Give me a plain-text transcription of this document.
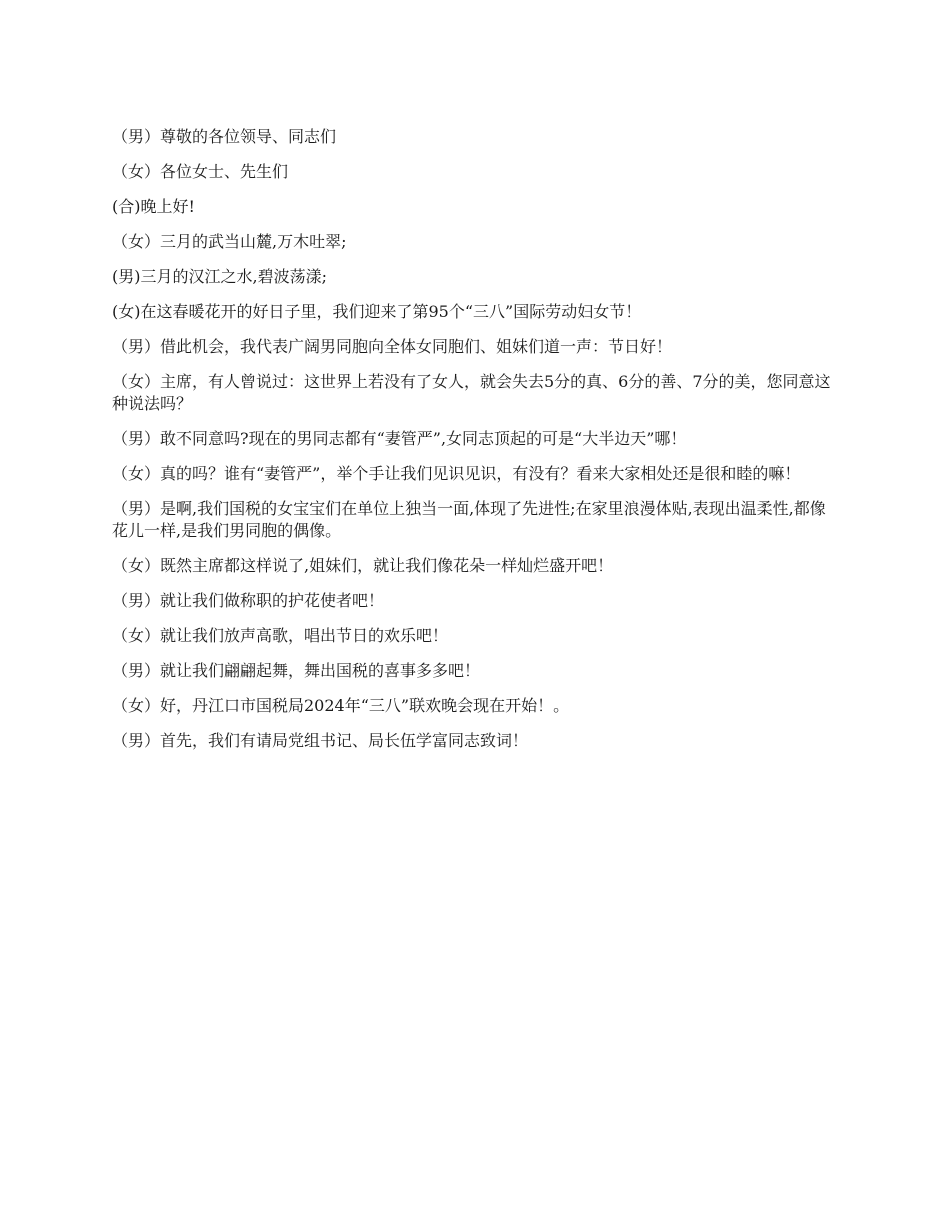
（男）尊敬的各位领导、同志们

（女）各位女士、先生们

(合)晚上好!

（女）三月的武当山麓,万木吐翠;

(男)三月的汉江之水,碧波荡漾;

(女)在这春暖花开的好日子里，我们迎来了第95个“三八”国际劳动妇女节！

（男）借此机会，我代表广阔男同胞向全体女同胞们、姐妹们道一声：节日好！

（女）主席，有人曾说过：这世界上若没有了女人，就会失去5分的真、6分的善、7分的美，您同意这种说法吗？

（男）敢不同意吗?现在的男同志都有“妻管严”,女同志顶起的可是“大半边天”哪！

（女）真的吗？谁有“妻管严”，举个手让我们见识见识，有没有？看来大家相处还是很和睦的嘛！

（男）是啊,我们国税的女宝宝们在单位上独当一面,体现了先进性;在家里浪漫体贴,表现出温柔性,都像花儿一样,是我们男同胞的偶像。

（女）既然主席都这样说了,姐妹们，就让我们像花朵一样灿烂盛开吧！

（男）就让我们做称职的护花使者吧！

（女）就让我们放声高歌，唱出节日的欢乐吧！

（男）就让我们翩翩起舞，舞出国税的喜事多多吧！

（女）好，丹江口市国税局2024年“三八”联欢晚会现在开始！。

（男）首先，我们有请局党组书记、局长伍学富同志致词！
